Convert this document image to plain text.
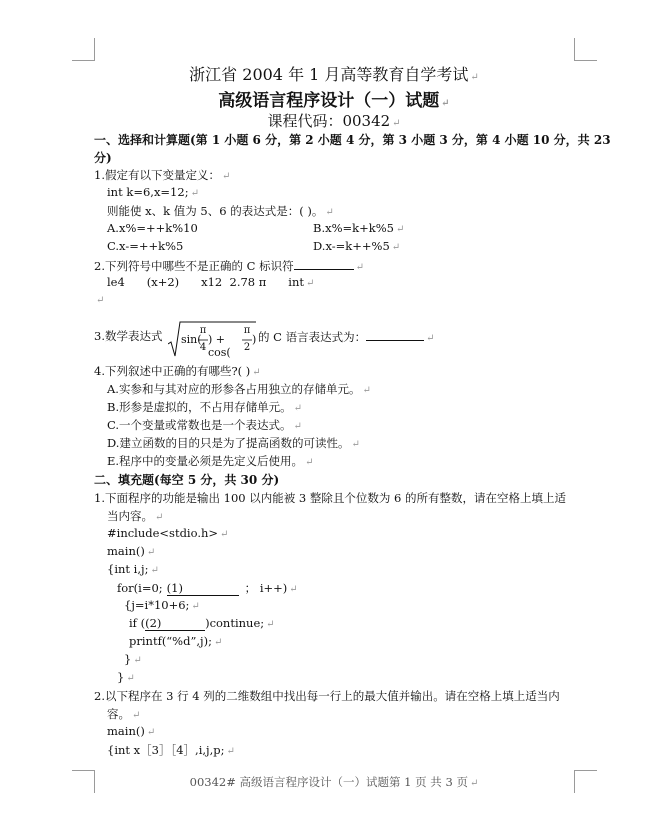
浙江省 2004 年 1 月高等教育自学考试 ↵
高级语言程序设计（一）试题 ↵
课程代码：00342 ↵
一、选择和计算题(第 1 小题 6 分，第 2 小题 4 分，第 3 小题 3 分，第 4 小题 10 分，共 23
分)
1.假定有以下变量定义： ↵
int k=6,x=12; ↵
则能使 x、k 值为 5、6 的表达式是：( )。 ↵
A.x%=++k%10	B.x%=k+k%5 ↵
C.x-=++k%5	D.x-=k++%5 ↵
2.下列符号中哪些不是正确的 C 标识符	↵
le4      (x+2)      x12  2.78 π      int ↵
↵
3.数学表达式 sin(
π
4
) + cos(
π
2
) 的 C 语言表达式为：	↵
4.下列叙述中正确的有哪些?( ) ↵
A.实参和与其对应的形参各占用独立的存储单元。 ↵
B.形参是虚拟的，不占用存储单元。 ↵
C.一个变量或常数也是一个表达式。 ↵
D.建立函数的目的只是为了提高函数的可读性。 ↵
E.程序中的变量必须是先定义后使用。 ↵
二、填充题(每空 5 分，共 30 分)
1.下面程序的功能是输出 100 以内能被 3 整除且个位数为 6 的所有整数，请在空格上填上适
当内容。 ↵
#include<stdio.h> ↵
main() ↵
{int i,j; ↵
for(i=0; (1)	； i++) ↵
{j=i*10+6; ↵
if ((2)	)continue; ↵
printf(“%d”,j); ↵
} ↵
} ↵
2.以下程序在 3 行 4 列的二维数组中找出每一行上的最大值并输出。请在空格上填上适当内
容。 ↵
main() ↵
{int x［3］［4］,i,j,p; ↵
00342# 高级语言程序设计（一）试题第 1 页 共 3 页 ↵
